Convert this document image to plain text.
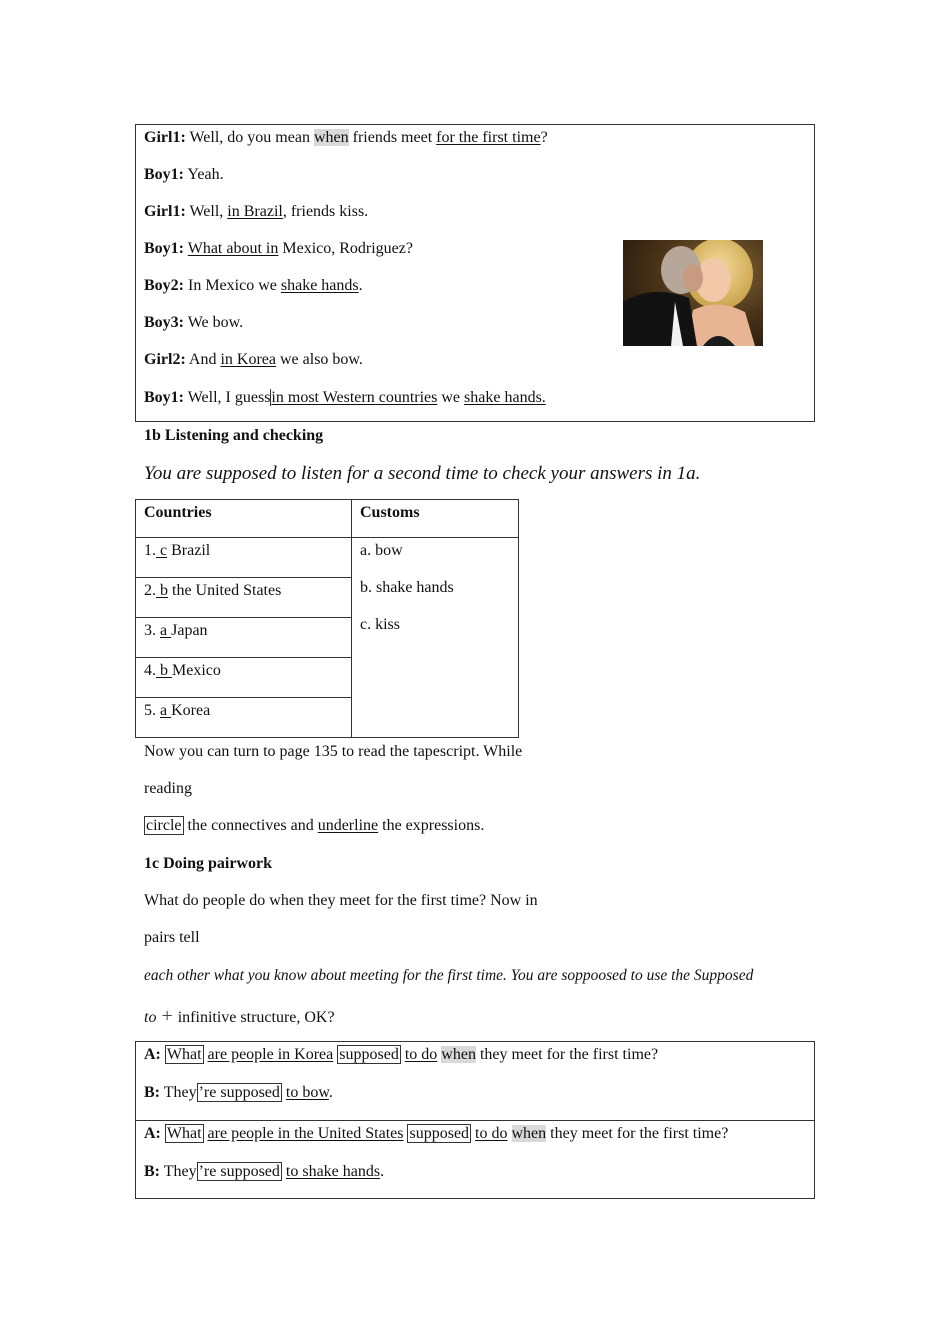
Girl1: Well, do you mean when friends meet for the first time?
Boy1: Yeah.
Girl1: Well, in Brazil, friends kiss.
Boy1: What about in Mexico, Rodriguez?
Boy2: In Mexico we shake hands.
Boy3: We bow.
Girl2: And in Korea we also bow.
Boy1: Well, I guessin most Western countries we shake hands.
1b Listening and checking
You are supposed to listen for a second time to check your answers in 1a.
Countries	Customs

1. c Brazil	a. bow
b. shake hands
c. kiss

2. b the United States	

3. a Japan	

4. b Mexico	

5. a Korea	
Now you can turn to page 135 to read the tapescript. While
reading
circle the connectives and underline the expressions.
1c Doing pairwork
What do people do when they meet for the first time? Now in
pairs tell
each other what you know about meeting for the first time. You are soppoosed to use the Supposed
to + infinitive structure, OK?
A: What are people in Korea supposed to do when they meet for the first time?
B: They ’re supposed to bow.
A: What are people in the United States supposed to do when they meet for the first time?
B: They ’re supposed to shake hands.
